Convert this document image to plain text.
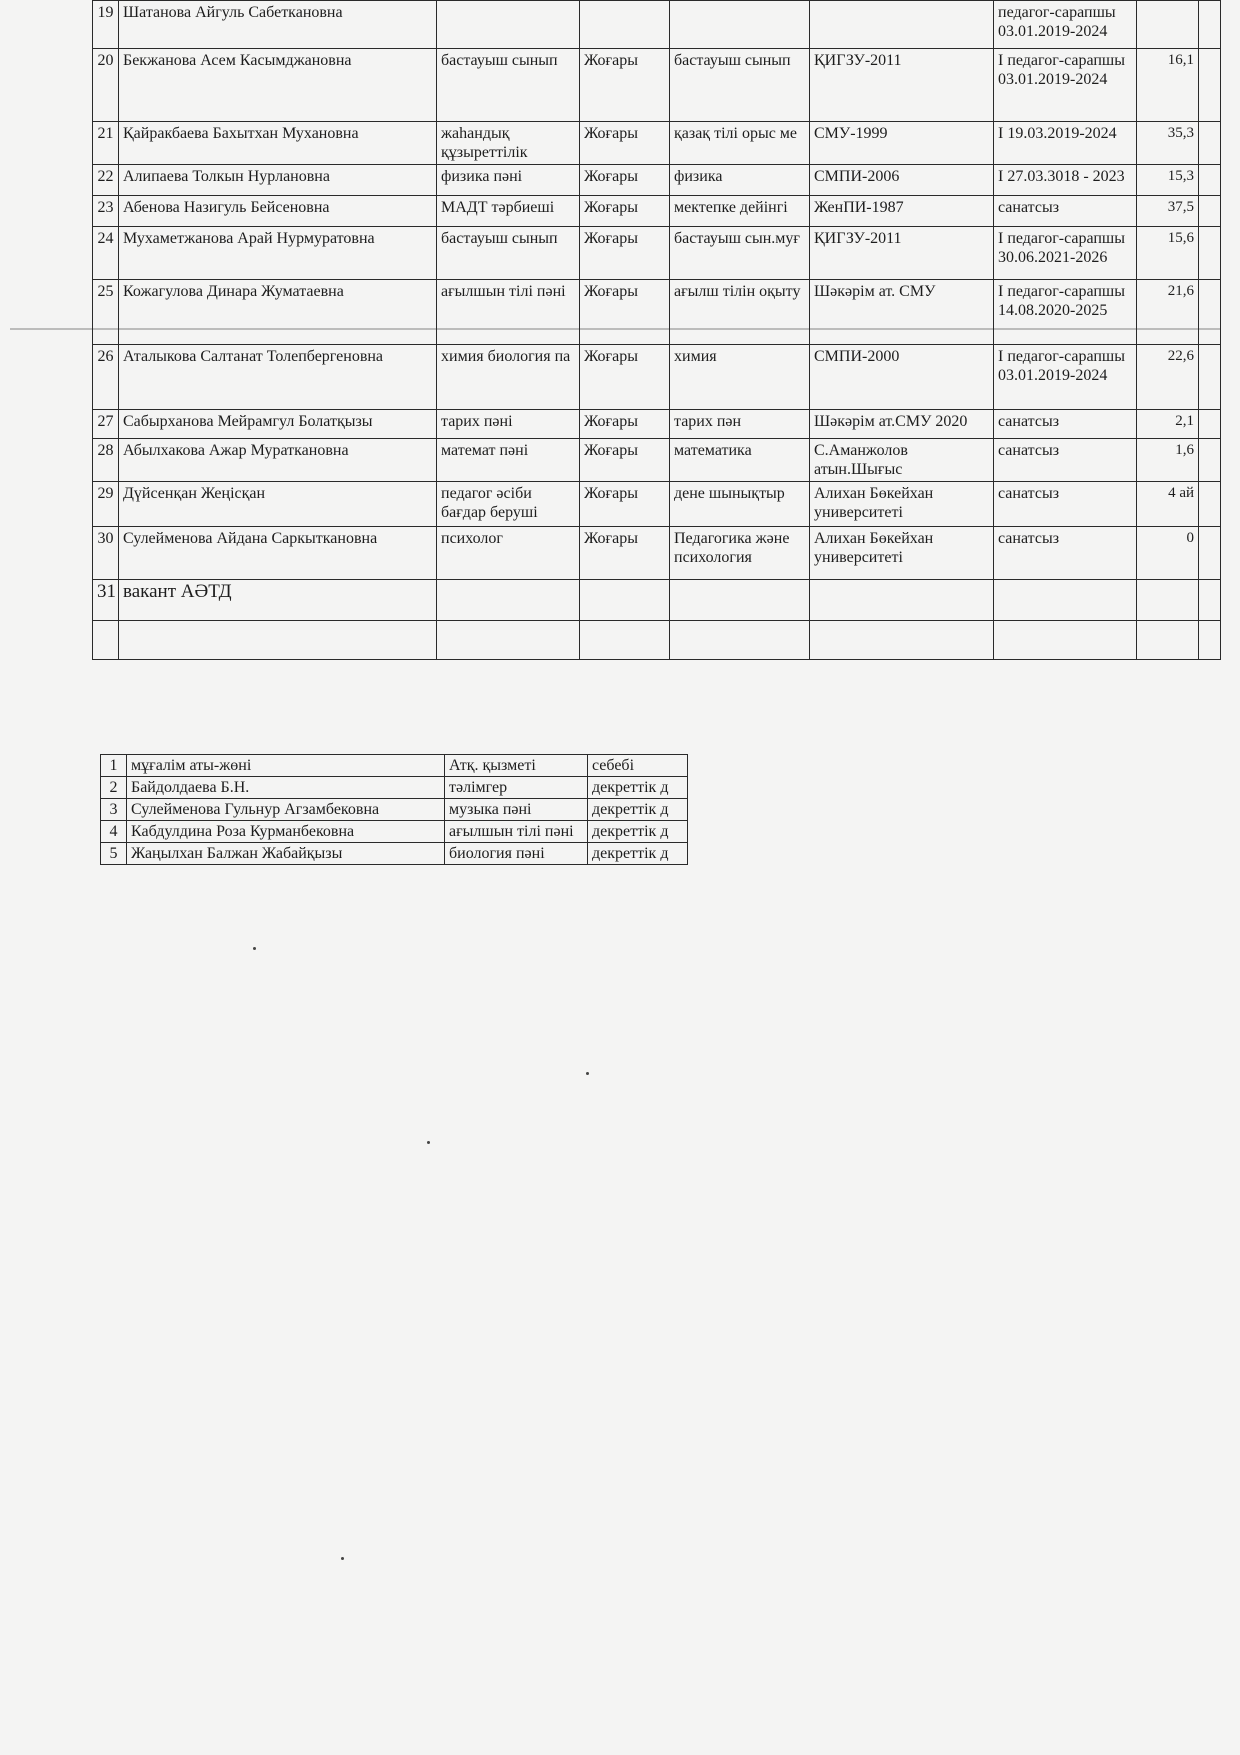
19	Шатанова Айгуль Сабеткановна					педагог-сарапшы 03.01.2019-2024		
20	Бекжанова Асем Касымджановна	бастауыш сынып	Жоғары	бастауыш сынып	ҚИГЗУ-2011	І педагог-сарапшы 03.01.2019-2024	16,1	
21	Қайракбаева Бахытхан Мухановна	жаһандық құзыреттілік	Жоғары	қазақ тілі орыс ме	СМУ-1999	І 19.03.2019-2024	35,3	
22	Алипаева Толкын Нурлановна	физика пәні	Жоғары	физика	СМПИ-2006	І 27.03.3018 - 2023	15,3	
23	Абенова Назигуль Бейсеновна	МАДТ тәрбиеші	Жоғары	мектепке дейінгі	ЖенПИ-1987	санатсыз	37,5	
24	Мухаметжанова Арай Нурмуратовна	бастауыш сынып	Жоғары	бастауыш сын.муғ	ҚИГЗУ-2011	І педагог-сарапшы 30.06.2021-2026	15,6	
25	Кожагулова Динара Жуматаевна	ағылшын тілі пәні	Жоғары	ағылш тілін оқыту	Шәкәрім ат. СМУ	І педагог-сарапшы 14.08.2020-2025	21,6	
26	Аталыкова Салтанат Толепбергеновна	химия биология па	Жоғары	химия	СМПИ-2000	І педагог-сарапшы 03.01.2019-2024	22,6	
27	Сабырханова Мейрамгул Болатқызы	тарих пәні	Жоғары	тарих пән	Шәкәрім ат.СМУ 2020	санатсыз	2,1	
28	Абылхакова Ажар Мураткановна	математ пәні	Жоғары	математика	С.Аманжолов атын.Шығыс	санатсыз	1,6	
29	Дүйсенқан Жеңісқан	педагог әсіби бағдар беруші	Жоғары	дене шынықтыр	Алихан Бөкейхан университеті	санатсыз	4 ай	
30	Сулейменова Айдана Саркыткановна	психолог	Жоғары	Педагогика және психология	Алихан Бөкейхан университеті	санатсыз	0	
31	вакант АӘТД							

1	мұғалім аты-жөні	Атқ. қызметі	себебі
2	Байдолдаева Б.Н.	тәлімгер	декреттік д
3	Сулейменова Гульнур Агзамбековна	музыка пәні	декреттік д
4	Кабдулдина Роза Курманбековна	ағылшын тілі пәні	декреттік д
5	Жаңылхан Балжан Жабайқызы	биология пәні	декреттік д
